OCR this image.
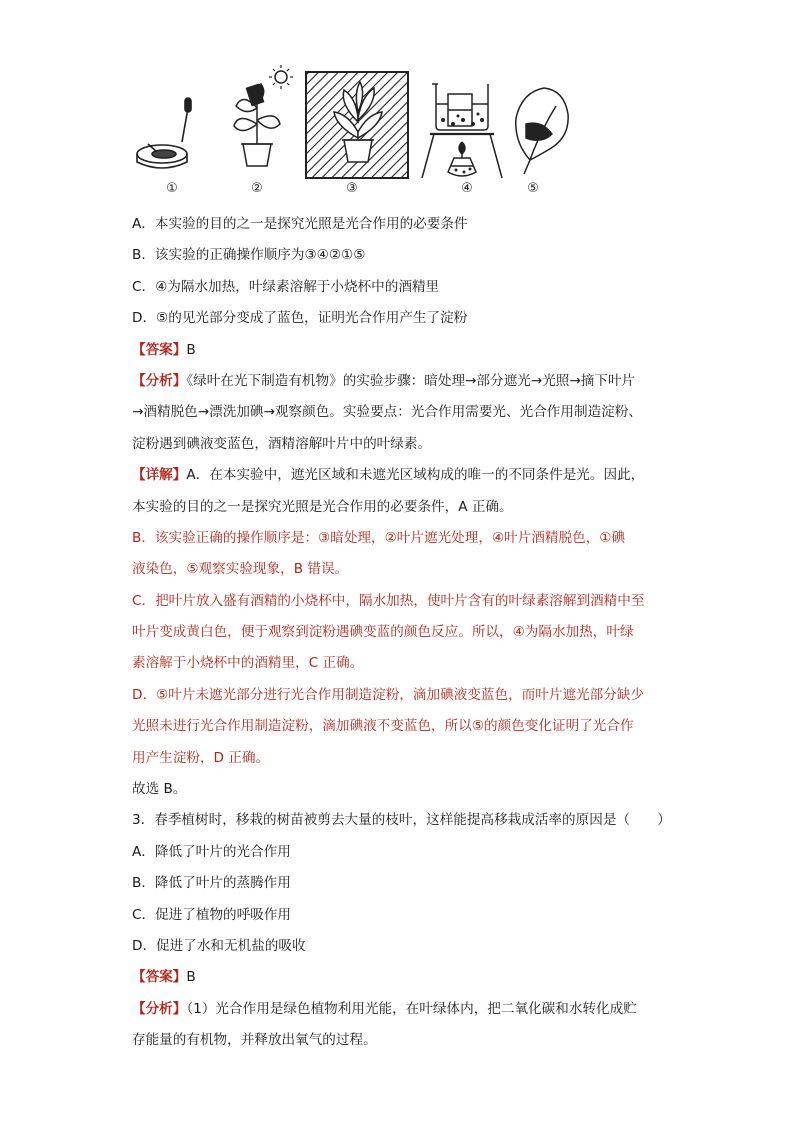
①	②	③	④	⑤
A．本实验的目的之一是探究光照是光合作用的必要条件
B．该实验的正确操作顺序为③④②①⑤
C．④为隔水加热，叶绿素溶解于小烧杯中的酒精里
D．⑤的见光部分变成了蓝色，证明光合作用产生了淀粉
【答案】B
【分析】《绿叶在光下制造有机物》的实验步骤：暗处理→部分遮光→光照→摘下叶片
→酒精脱色→漂洗加碘→观察颜色。实验要点：光合作用需要光、光合作用制造淀粉、
淀粉遇到碘液变蓝色，酒精溶解叶片中的叶绿素。
【详解】A．在本实验中，遮光区域和未遮光区域构成的唯一的不同条件是光。因此，
本实验的目的之一是探究光照是光合作用的必要条件，A 正确。
B．该实验正确的操作顺序是：③暗处理，②叶片遮光处理，④叶片酒精脱色，①碘
液染色，⑤观察实验现象，B 错误。
C．把叶片放入盛有酒精的小烧杯中，隔水加热，使叶片含有的叶绿素溶解到酒精中至
叶片变成黄白色，便于观察到淀粉遇碘变蓝的颜色反应。所以，④为隔水加热，叶绿
素溶解于小烧杯中的酒精里，C 正确。
D．⑤叶片未遮光部分进行光合作用制造淀粉，滴加碘液变蓝色，而叶片遮光部分缺少
光照未进行光合作用制造淀粉，滴加碘液不变蓝色，所以⑤的颜色变化证明了光合作
用产生淀粉，D 正确。
故选 B。
3．春季植树时，移栽的树苗被剪去大量的枝叶，这样能提高移栽成活率的原因是（　　）
A．降低了叶片的光合作用
B．降低了叶片的蒸腾作用
C．促进了植物的呼吸作用
D．促进了水和无机盐的吸收
【答案】B
【分析】（1）光合作用是绿色植物利用光能，在叶绿体内，把二氧化碳和水转化成贮
存能量的有机物，并释放出氧气的过程。
